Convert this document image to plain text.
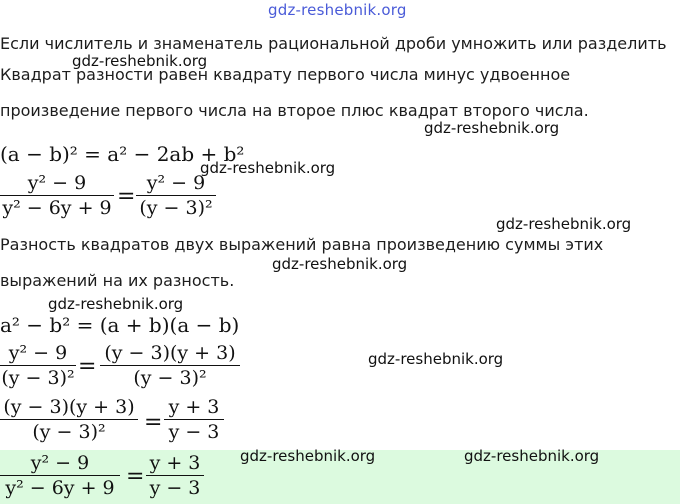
gdz-reshebnik.org
Если числитель и знаменатель рациональной дроби умножить или разделить
gdz-reshebnik.org
Квадрат разности равен квадрату первого числа минус удвоенное
произведение первого числа на второе плюс квадрат второго числа.
gdz-reshebnik.org
(a − b)² = a² − 2ab + b²
gdz-reshebnik.org
y² − 9
y² − 6y + 9 =
y² − 9
(y − 3)²
gdz-reshebnik.org
Разность квадратов двух выражений равна произведению суммы этих
gdz-reshebnik.org
выражений на их разность.
gdz-reshebnik.org
a² − b² = (a + b)(a − b)
y² − 9
(y − 3)² =
(y − 3)(y + 3)
(y − 3)²
gdz-reshebnik.org
(y − 3)(y + 3)
(y − 3)²	=
y + 3
y − 3
y² − 9
y² − 6y + 9 =
y + 3
y − 3
gdz-reshebnik.org	gdz-reshebnik.org
